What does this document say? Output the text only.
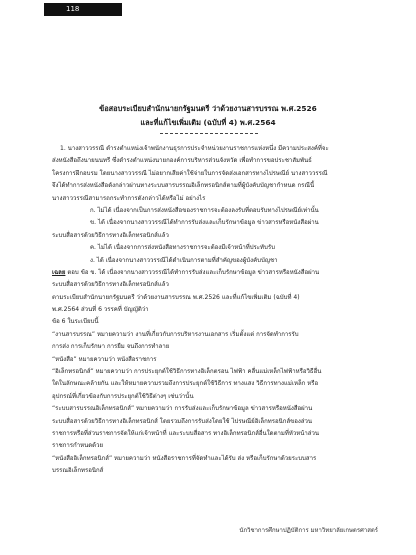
118
ข้อสอบระเบียบสำนักนายกรัฐมนตรี ว่าด้วยงานสารบรรณ พ.ศ.2526
และที่แก้ไขเพิ่มเติม (ฉบับที่ 4) พ.ศ.2564
1. นางสาววรรณี ดำรงตำแหน่งเจ้าพนักงานธุรการประจำหน่วยงานราชการแห่งหนึ่ง มีความประสงค์ที่จะ
ส่งหนังสือถึงนายนนทรี ซึ่งดำรงตำแหน่งนายกองค์การบริหารส่วนจังหวัด เพื่อทำการขอประชาสัมพันธ์
โครงการฝึกอบรม โดยนางสาววรรณี ไม่อยากเสียค่าใช้จ่ายในการจัดส่งเอกสารทางไปรษณีย์ นางสาววรรณี
จึงได้ทำการส่งหนังสือดังกล่าวผ่านทางระบบสารบรรณอิเล็กทรอนิกส์ตามที่ผู้บังคับบัญชากำหนด กรณีนี้
นางสาววรรณีสามารถกระทำการดังกล่าวได้หรือไม่ อย่างไร
ก. ไม่ได้ เนื่องจากเป็นการส่งหนังสือของราชการจะต้องลงรับที่ตอบรับทางไปรษณีย์เท่านั้น
ข. ได้ เนื่องจากนางสาววรรณีได้ทำการรับส่งและเก็บรักษาข้อมูล ข่าวสารหรือหนังสือผ่าน
ระบบสื่อสารด้วยวิธีการทางอิเล็กทรอนิกส์แล้ว
ค. ไม่ได้ เนื่องจากการส่งหนังสือทางราชการจะต้องมีเจ้าหน้าที่ประทับรับ
ง. ได้ เนื่องจากนางสาววรรณีได้ดำเนินการตามที่สำคัญของผู้บังคับบัญชา
เฉลย ตอบ ข้อ ข. ได้ เนื่องจากนางสาววรรณีได้ทำการรับส่งและเก็บรักษาข้อมูล ข่าวสารหรือหนังสือผ่าน
ระบบสื่อสารด้วยวิธีการทางอิเล็กทรอนิกส์แล้ว
ตามระเบียบสำนักนายกรัฐมนตรี ว่าด้วยงานสารบรรณ พ.ศ.2526 และที่แก้ไขเพิ่มเติม (ฉบับที่ 4)
พ.ศ.2564 ส่วนที่ 6 วรรคที่ บัญญัติว่า
ข้อ 6 ในระเบียบนี้
“งานสารบรรณ” หมายความว่า งานที่เกี่ยวกับการบริหารงานเอกสาร เริ่มตั้งแต่ การจัดทำการรับ
การส่ง การเก็บรักษา การยืม จนถึงการทำลาย
“หนังสือ” หมายความว่า หนังสือราชการ
“อิเล็กทรอนิกส์” หมายความว่า การประยุกต์ใช้วิธีการทางอิเล็กตรอน ไฟฟ้า คลื่นแม่เหล็กไฟฟ้าหรือวิธีอื่น
ใดในลักษณะคล้ายกัน และให้หมายความรวมถึงการประยุกต์ใช้วิธีการ ทางแสง วิธีการทางแม่เหล็ก หรือ
อุปกรณ์ที่เกี่ยวข้องกับการประยุกต์ใช้วิธีต่างๆ เช่นว่านั้น
“ระบบสารบรรณอิเล็กทรอนิกส์” หมายความว่า การรับส่งและเก็บรักษาข้อมูล ข่าวสารหรือหนังสือผ่าน
ระบบสื่อสารด้วยวิธีการทางอิเล็กทรอนิกส์ โดยรวมถึงการรับส่งโดยใช้ ไปรษณีย์อิเล็กทรอนิกส์ของส่วน
ราชการหรือที่ส่วนราชการจัดให้แก่เจ้าหน้าที่ และระบบสื่อสาร ทางอิเล็กทรอนิกส์อื่นใดตามที่หัวหน้าส่วน
ราชการกำหนดด้วย
“หนังสืออิเล็กทรอนิกส์” หมายความว่า หนังสือราชการที่จัดทำและได้รับ ส่ง หรือเก็บรักษาด้วยระบบสาร
บรรณอิเล็กทรอนิกส์
นักวิชาการศึกษาปฏิบัติการ มหาวิทยาลัยเกษตรศาสตร์
